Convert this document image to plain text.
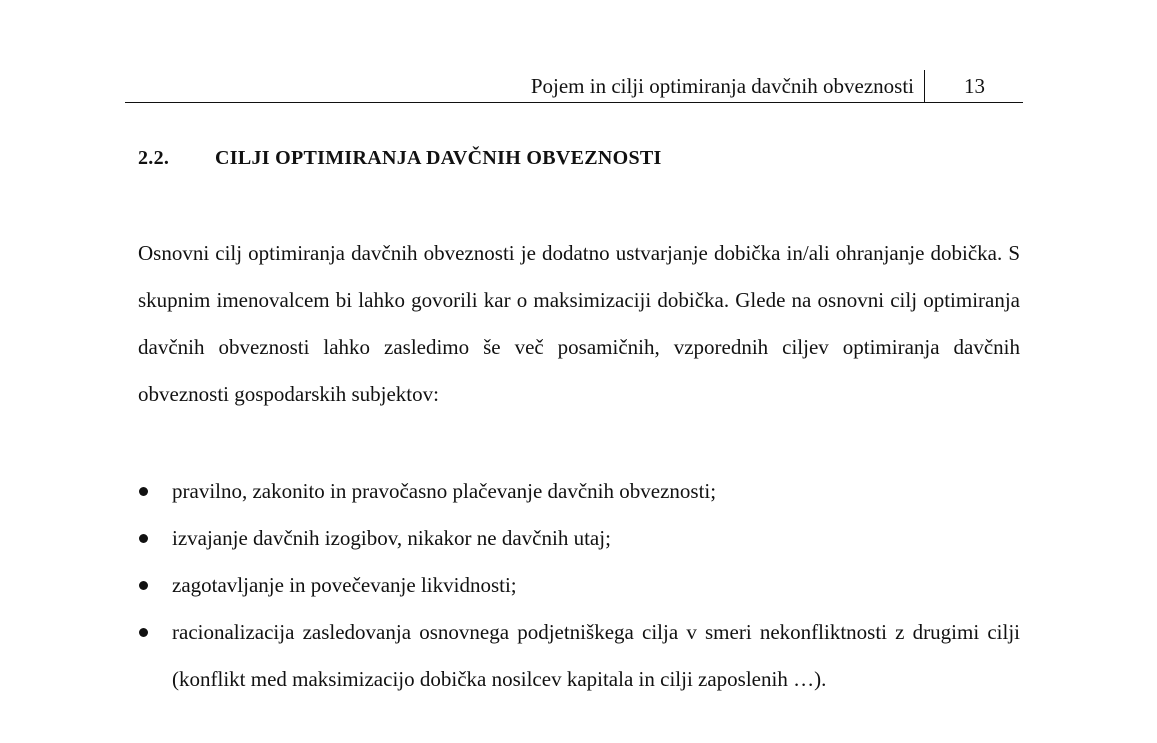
Pojem in cilji optimiranja davčnih obveznosti 13
2.2. CILJI OPTIMIRANJA DAVČNIH OBVEZNOSTI

Osnovni cilj optimiranja davčnih obveznosti je dodatno ustvarjanje dobička in/ali ohranjanje dobička. S skupnim imenovalcem bi lahko govorili kar o maksimizaciji dobička. Glede na osnovni cilj optimiranja davčnih obveznosti lahko zasledimo še več posamičnih, vzporednih ciljev optimiranja davčnih obveznosti gospodarskih subjektov:

pravilno, zakonito in pravočasno plačevanje davčnih obveznosti;
izvajanje davčnih izogibov, nikakor ne davčnih utaj;
zagotavljanje in povečevanje likvidnosti;
racionalizacija zasledovanja osnovnega podjetniškega cilja v smeri nekonfliktnosti z drugimi cilji (konflikt med maksimizacijo dobička nosilcev kapitala in cilji zaposlenih …).
